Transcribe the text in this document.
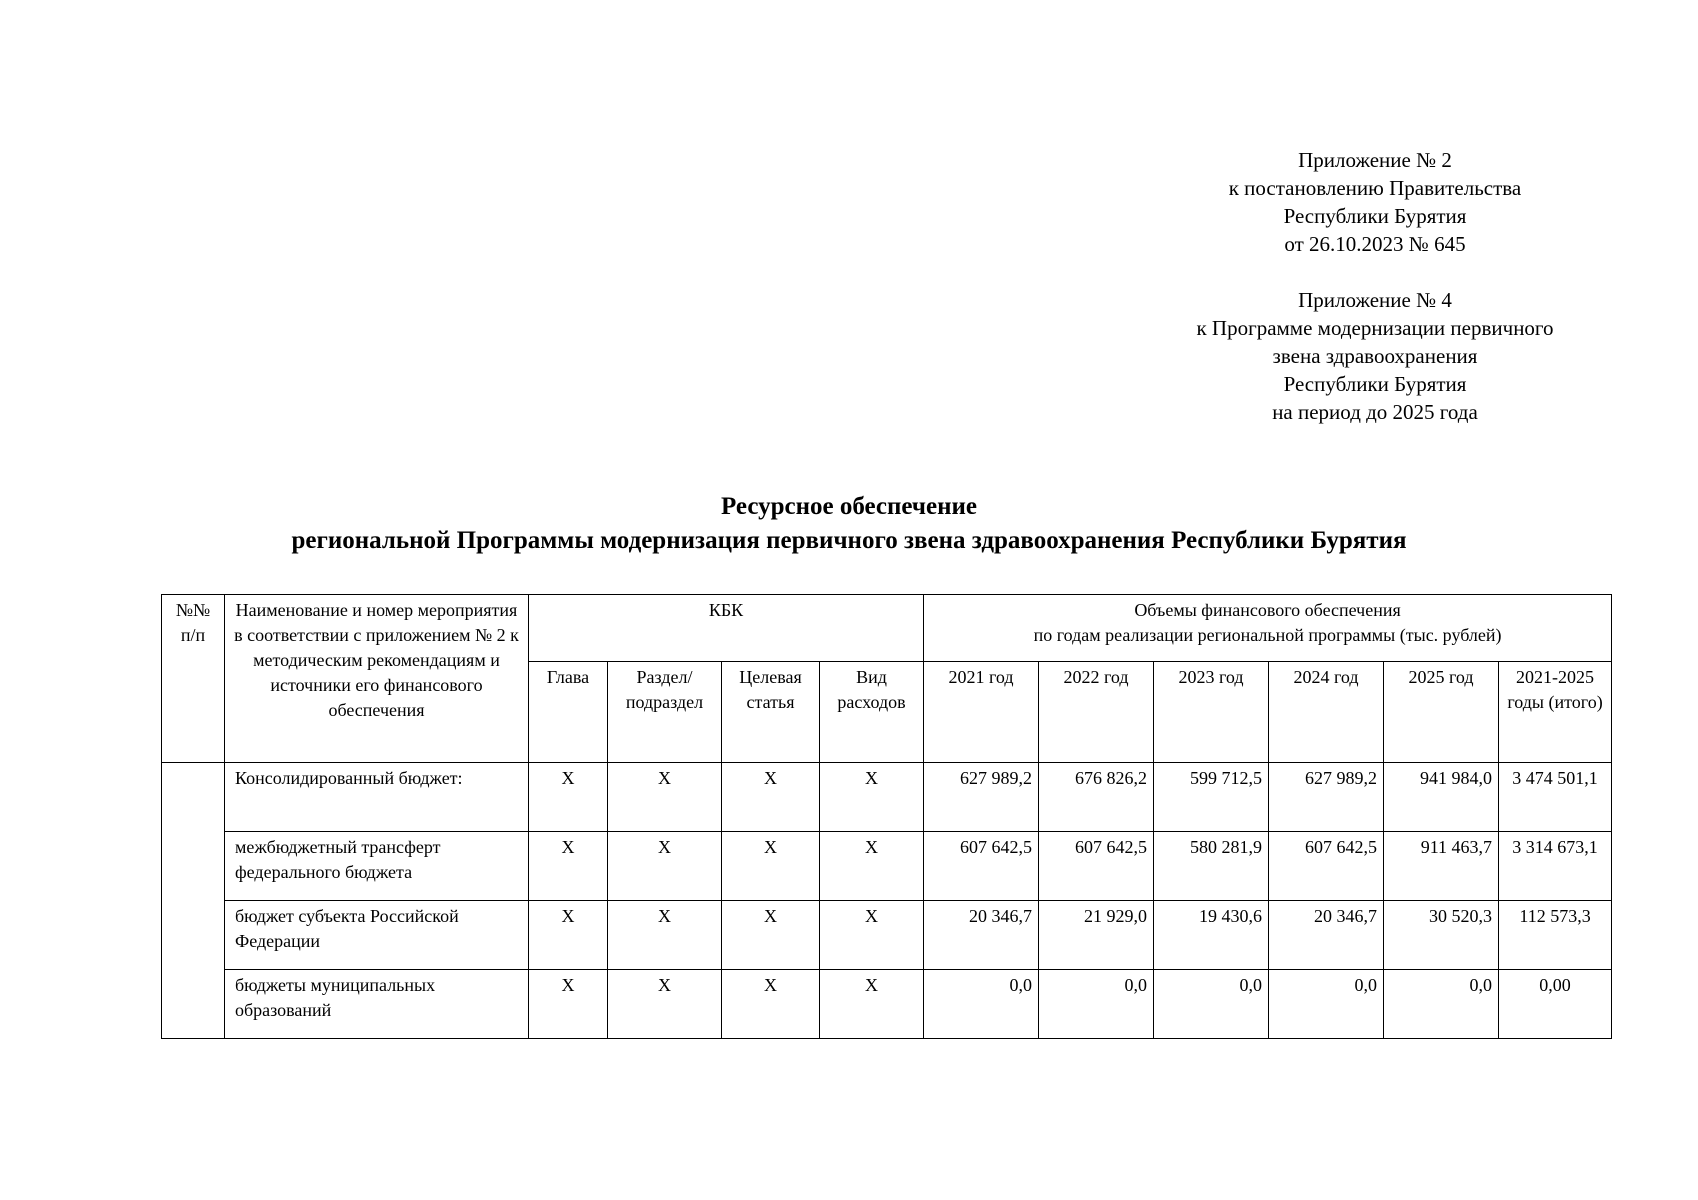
Приложение № 2
к постановлению Правительства
Республики Бурятия
от 26.10.2023 № 645
Приложение № 4
к Программе модернизации первичного
звена здравоохранения
Республики Бурятия
на период до 2025 года
Ресурсное обеспечение
региональной Программы модернизация первичного звена здравоохранения Республики Бурятия
№№ п/п	Наименование и номер мероприятия в соответствии с приложением № 2 к методическим рекомендациям и источники его финансового обеспечения	КБК				Объемы финансового обеспечения
по годам реализации региональной программы (тыс. рублей)					

		Глава	Раздел/ подраздел	Целевая статья	Вид расходов	2021 год	2022 год	2023 год	2024 год	2025 год	2021-2025 годы (итого)
	Консолидированный бюджет:	Х	Х	Х	Х	627 989,2	676 826,2	599 712,5	627 989,2	941 984,0	3 474 501,1
	межбюджетный трансферт федерального бюджета	Х	Х	Х	Х	607 642,5	607 642,5	580 281,9	607 642,5	911 463,7	3 314 673,1
	бюджет субъекта Российской Федерации	Х	Х	Х	Х	20 346,7	21 929,0	19 430,6	20 346,7	30 520,3	112 573,3
	бюджеты муниципальных образований	Х	Х	Х	Х	0,0	0,0	0,0	0,0	0,0	0,00
